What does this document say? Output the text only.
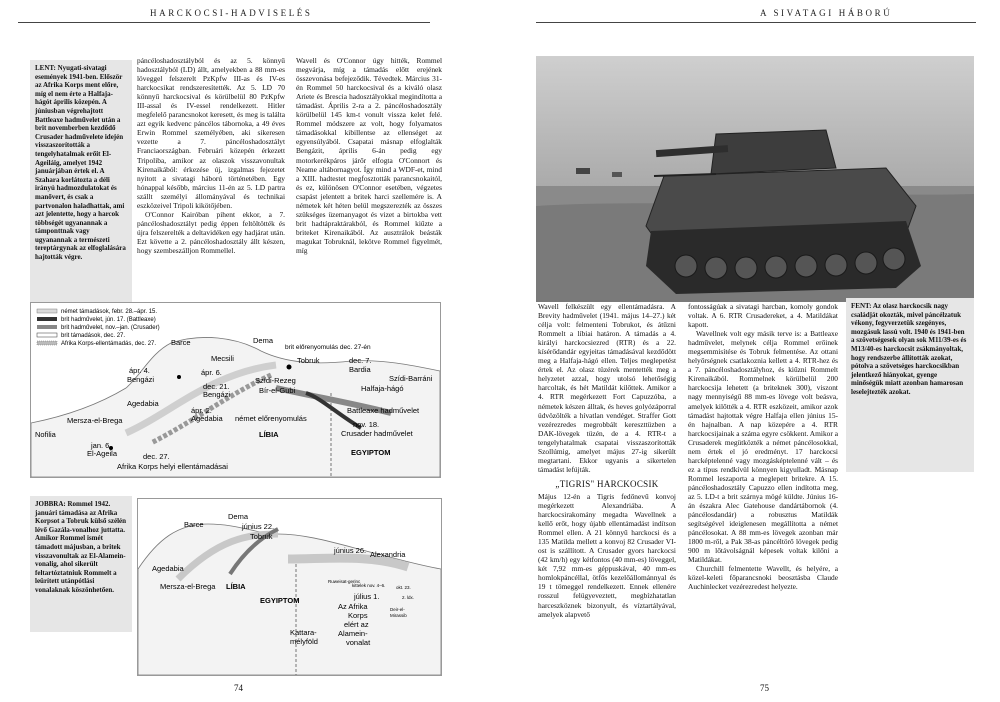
HARCKOCSI-HADVISELÉS
LENT: Nyugati-sivatagi események 1941-ben. Először az Afrika Korps ment előre, míg el nem érte a Halfaja-hágót április közepén. A júniusban végrehajtott Battleaxe hadművelet után a brit novemberben kezdődő Crusader hadművelete idején visszaszorították a tengelyhatalmak erőit El-Ageiláig, amelyet 1942 januárjában értek el. A Szahara korlátozta a déli irányú hadmozdulatokat és manővert, és csak a partvonalon haladhattak, ami azt jelentette, hogy a harcok többségét ugyanannak a támponttnak vagy ugyanannak a természeti tereptárgynak az elfoglalására hajtották végre.

páncéloshadosztályból és az 5. könnyű hadosztályból (LD) állt, amelyekben a 88 mm-es löveggel felszerelt PzKpfw III-as és IV-es harckocsikat rendszeresítették. Az 5. LD 70 könnyű harckocsival és körülbelül 80 PzKpfw III-assal és IV-essel rendelkezett. Hitler megfelelő parancsnokot keresett, és meg is találta azt egyik kedvenc páncélos tábornoka, a 49 éves Erwin Rommel személyében, aki sikeresen vezette a 7. páncéloshadosztályt Franciaországban. Februári közepén érkezett Tripoliba, amikor az olaszok visszavonultak Kirenaikából: érkezése új, izgalmas fejezetet nyitott a sivatagi háború történetében. Egy hónappal később, március 11-én az 5. LD partra szállt személyi állományával és technikai eszközeivel Tripoli kikötőjében.

O'Connor Kairóban pihent ekkor, a 7. páncéloshadosztályt pedig éppen feltöltötték és újra felszerelték a deltavidéken egy hadjárat után. Ezt követte a 2. páncéloshadosztály állt készen, hogy szembeszálljon Rommellel.

Wavell és O'Connor úgy hitték, Rommel megvárja, míg a támadás előtt erejének összevonása befejeződik. Tévedtek. Március 31-én Rommel 50 harckocsival és a kiváló olasz Ariete és Brescia hadosztályokkal megindította a támadást. Április 2-ra a 2. páncéloshadosztály körülbelül 145 km-t vonult vissza kelet felé. Rommel módszere az volt, hogy folyamatos támadásokkal kibillentse az ellenséget az egyensúlyából. Csapatai másnap elfoglalták Bengázit, április 6-án pedig egy motorkerékpáros járőr elfogta O'Connort és Neame altábornagyot. Így mind a WDF-et, mind a XIII. hadtestet megfosztották parancsnokaitól, és ez, különösen O'Connor esetében, végzetes csapást jelentett a britek harci szellemére is. A németek két héten belül megszerezték az összes szükséges üzemanyagot és vizet a birtokba vett brit hadtápraktárakból, és Rommel kiűzte a briteket Kirenaikából. Az ausztrálok beásták magukat Tobruknál, lekötve Rommel figyelmét, míg

német támadások, febr. 28.–ápr. 15.
brit hadművelet, jún. 17. (Battleaxe)
brit hadművelet, nov.–jan. (Crusader)
brit támadások, dec. 27.
Afrika Korps-ellentámadás, dec. 27. Barce	Dema
Mecsili
ápr. 4.
Bengázi
ápr. 6.
dec. 21.
Bengázi
brit előrenyomulás dec. 27-én
Tobruk	dec. 7.
Bardia
Szídi-Barráni
Szídi-Rezeg
Bír-el-Gubi	Halfaja-hágó
ápr. 2.
Agedabia
Agedabia
Mersza-el-Brega
Nofilia
német előrenyomulás
LÍBIA
Battleaxe hadművelet
nov. 18.
Crusader hadművelet
EGYIPTOM
jan. 6.
El-Ageila	dec. 27.
Afrika Korps helyi ellentámadásai
JOBBRA: Rommel 1942. januári támadása az Afrika Korpsot a Tobruk külső szélén lévő Gazála-vonalhoz juttatta. Amikor Rommel ismét támadott májusban, a britek visszavonultak az El-Alamein-vonalig, ahol sikerült feltartóztatniuk Rommelt a leürített utánpótlási vonalaknak köszönhetően.
Barce
Dema
június 22.
Tobruk
Agedabia
Mersza-el-Brega LÍBIA
június 26. Alexandria
EGYIPTOM
Ruweisat-gerinc
kittelek nov. 4–6.
július 1.
Az Afrika
Korps
elért az
Alamein-
vonalat
Kattara-
mélyföld
okt. 23.
2. ldx.
Deir-el-
Mirassib
74
A SIVATAGI HÁBORÚ
FENT: Az olasz harckocsik nagy családját okozták, mivel páncélzatuk vékony, fegyverzetük szegényes, mozgásuk lassú volt. 1940 és 1941-ben a szövetségesek olyan sok M11/39-es és M13/40-es harckocsit zsákmányoltak, hogy rendszerbe állították azokat, pótolva a szövetséges harckocsikban jelentkező hiányokat, gyenge minőségük miatt azonban hamarosan leselejtezték azokat.

Wavell felkészült egy ellentámadásra. A Brevity hadművelet (1941. május 14–27.) két célja volt: felmenteni Tobrukot, és átűzni Rommelt a líbiai határon. A támadás a 4. királyi harckocsiezred (RTR) és a 22. kísérődandár egyjeitas támadásával kezdődött meg a Halfaja-hágó ellen. Teljes meglepetést értek el. Az olasz tüzérek mentették meg a helyzetet azzal, hogy utolsó lehetőségig harcoltak, és hét Matildát kilőttek. Amikor a 4. RTR megérkezett Fort Capuzzóba, a németek készen álltak, és heves golyózáporral üdvözölték a hívatlan vendéget. Straffer Gott vezérezredes megrobbált kereszttüzben a DAK-lövegek tüzén, de a 4. RTR-t a tengelyhatalmak csapatai visszaszorították Szollúmig, amelyet május 27-ig sikerült megtartani. Ekkor ugyanis a sikertelen támadást lefújták.

„TIGRIS" HARCKOCSIK

Május 12-én a Tigris fedőnevű konvoj megérkezett Alexandriába. A harckocsirakomány megadta Wavellnek a kellő erőt, hogy újabb ellentámadást indítson Rommel ellen. A 21 könnyű harckocsi és a 135 Matilda mellett a konvoj 82 Crusader VI-ost is szállított. A Crusader gyors harckocsi (42 km/h) egy kétfontos (40 mm-es) löveggel, két 7,92 mm-es géppuskával, 40 mm-es homlokpáncéllal, ötfős kezelőállománnyal és 19 t tömeggel rendelkezett. Ennek ellenére rosszul felügyeveztett, megbízhatatlan harceszköznek bizonyult, és víztartályával, amelyek alapvető

fontosságúak a sivatagi harcban, komoly gondok voltak. A 6. RTR Crusadereket, a 4. Matildákat kapott.

Wavellnek volt egy másik terve is: a Battleaxe hadművelet, melynek célja Rommel erőinek megsemmisítése és Tobruk felmentése. Az ottani helyőrségnek csatlakoznia kellett a 4. RTR-hez és a 7. páncéloshadosztályhoz, és kiűzni Rommelt Kirenaikából. Rommelnek körülbelül 200 harckocsija lehetett (a briteknek 300), viszont nagy mennyiségű 88 mm-es lövege volt beásva, amelyek kilőtték a 4. RTR eszközeit, amikor azok támadást hajtottak végre Halfaja ellen június 15-én hajnalban. A nap közepére a 4. RTR harckocsijainak a száma egyre csökkent. Amikor a Crusaderek megütközték a német páncélosokkal, nem értek el jó eredményt. 17 harckocsi harcképtelenné vagy mozgásképtelenné vált – és ez a típus rendkívül könnyen kigyulladt. Másnap Rommel leszaporta a meglepett britekre. A 15. páncéloshadosztály Capuzzo ellen indította meg, az 5. LD-t a brit szárnya mögé küldte. Június 16-án északra Alec Gatehouse dandártábornok (4. páncélosdandár) a robusztus Matildák segítségével ideiglenesen megállította a német páncélosokat. A 88 mm-es lövegek azonban már 1800 m-ről, a Pak 38-as páncéltörő lövegek pedig 900 m lőtávolságnál képesek voltak kilőni a Matildákat.

Churchill felmentette Wavellt, és helyére, a közel-keleti főparancsnoki beosztásba Claude Auchinlecket vezérezredest helyezte.

75
